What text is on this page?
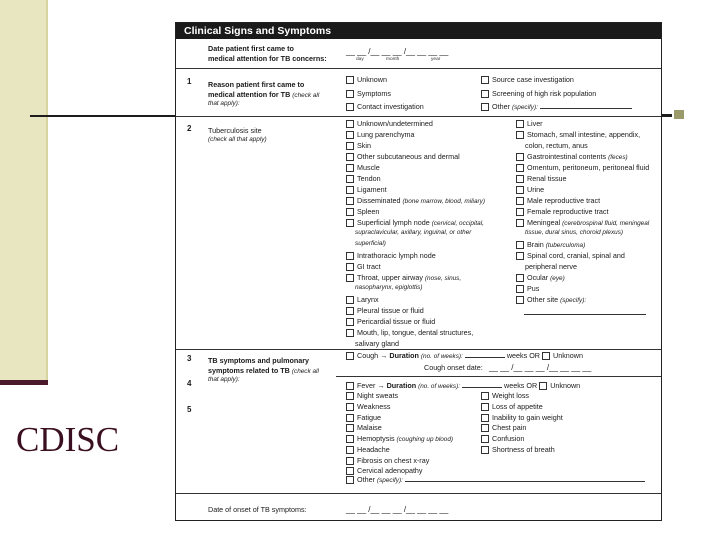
CDISC
Clinical Signs and Symptoms
Date patient first came to
medical attention for TB concerns:
__ __ /__ __ __ /__ __ __ __
day	month	year
1 Reason patient first came to
medical attention for TB (check all
that apply):
Unknown
Symptoms
Contact investigation
Source case investigation
Screening of high risk population
Other (specify):
2 Tuberculosis site
(check all that apply)
Unknown/undetermined
Lung parenchyma
Skin
Other subcutaneous and dermal
Muscle
Tendon
Ligament
Disseminated (bone marrow, blood, miliary)
Spleen
Superficial lymph node (cervical, occipital,
supraclavicular, axillary, inguinal, or other
superficial)
Intrathoracic lymph node
GI tract
Throat, upper airway (nose, sinus,
nasopharynx, epiglottis)
Larynx
Pleural tissue or fluid
Pericardial tissue or fluid
Mouth, lip, tongue, dental structures,
salivary gland
Liver
Stomach, small intestine, appendix,
colon, rectum, anus
Gastrointestinal contents (feces)
Omentum, peritoneum, peritoneal fluid
Renal tissue
Urine
Male reproductive tract
Female reproductive tract
Meningeal (cerebrospinal fluid, meningeal
tissue, dural sinus, choroid plexus)
Brain (tuberculoma)
Spinal cord, cranial, spinal and
peripheral nerve
Ocular (eye)
Pus
Other site (specify):
3
4
5
TB symptoms and pulmonary
symptoms related to TB (check all
that apply):
Cough → Duration (no. of weeks):	weeks OR Unknown
Cough onset date: __ __ /__ __ __ /__ __ __ __
Fever → Duration (no. of weeks):	weeks OR Unknown
Night sweats
Weakness
Fatigue
Malaise
Hemoptysis (coughing up blood)
Headache
Weight loss
Loss of appetite
Inability to gain weight
Chest pain
Confusion
Shortness of breath
Fibrosis on chest x-ray
Cervical adenopathy
Other (specify):
Date of onset of TB symptoms:	__ __ /__ __ __ /__ __ __ __
